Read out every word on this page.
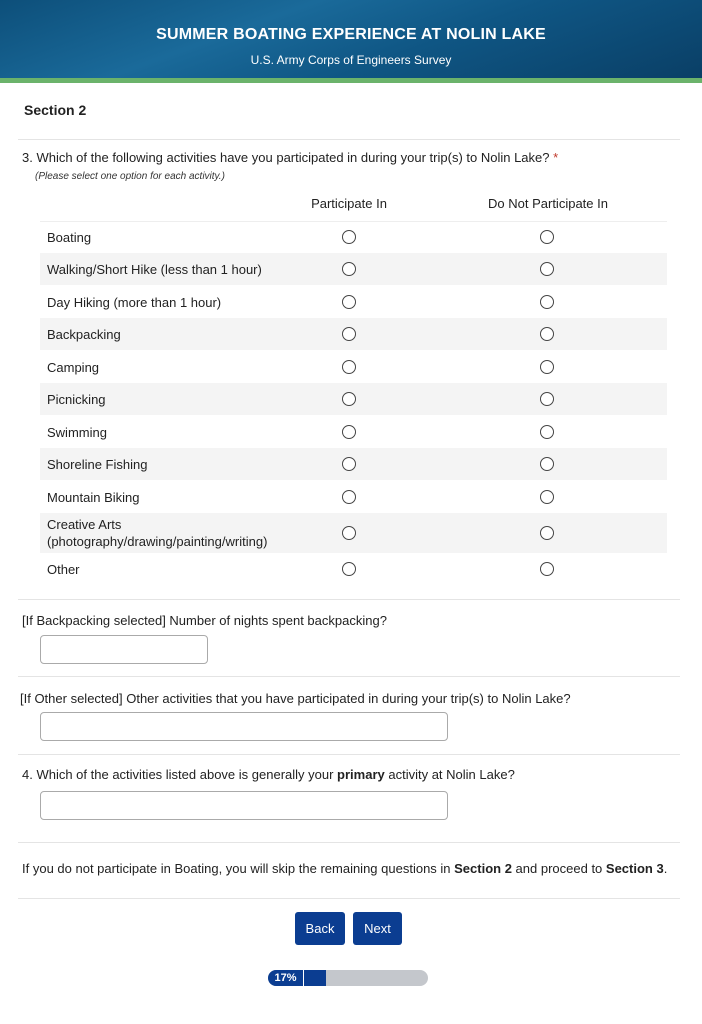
SUMMER BOATING EXPERIENCE AT NOLIN LAKE
U.S. Army Corps of Engineers Survey
Section 2
3. Which of the following activities have you participated in during your trip(s) to Nolin Lake? *
(Please select one option for each activity.)
Participate In	Do Not Participate In
Boating
Walking/Short Hike (less than 1 hour)
Day Hiking (more than 1 hour)
Backpacking
Camping
Picnicking
Swimming
Shoreline Fishing
Mountain Biking
Creative Arts (photography/drawing/painting/writing)
Other
[If Backpacking selected] Number of nights spent backpacking?
[If Other selected] Other activities that you have participated in during your trip(s) to Nolin Lake?
4. Which of the activities listed above is generally your primary activity at Nolin Lake?
If you do not participate in Boating, you will skip the remaining questions in Section 2 and proceed to Section 3.
Back	Next
17%
